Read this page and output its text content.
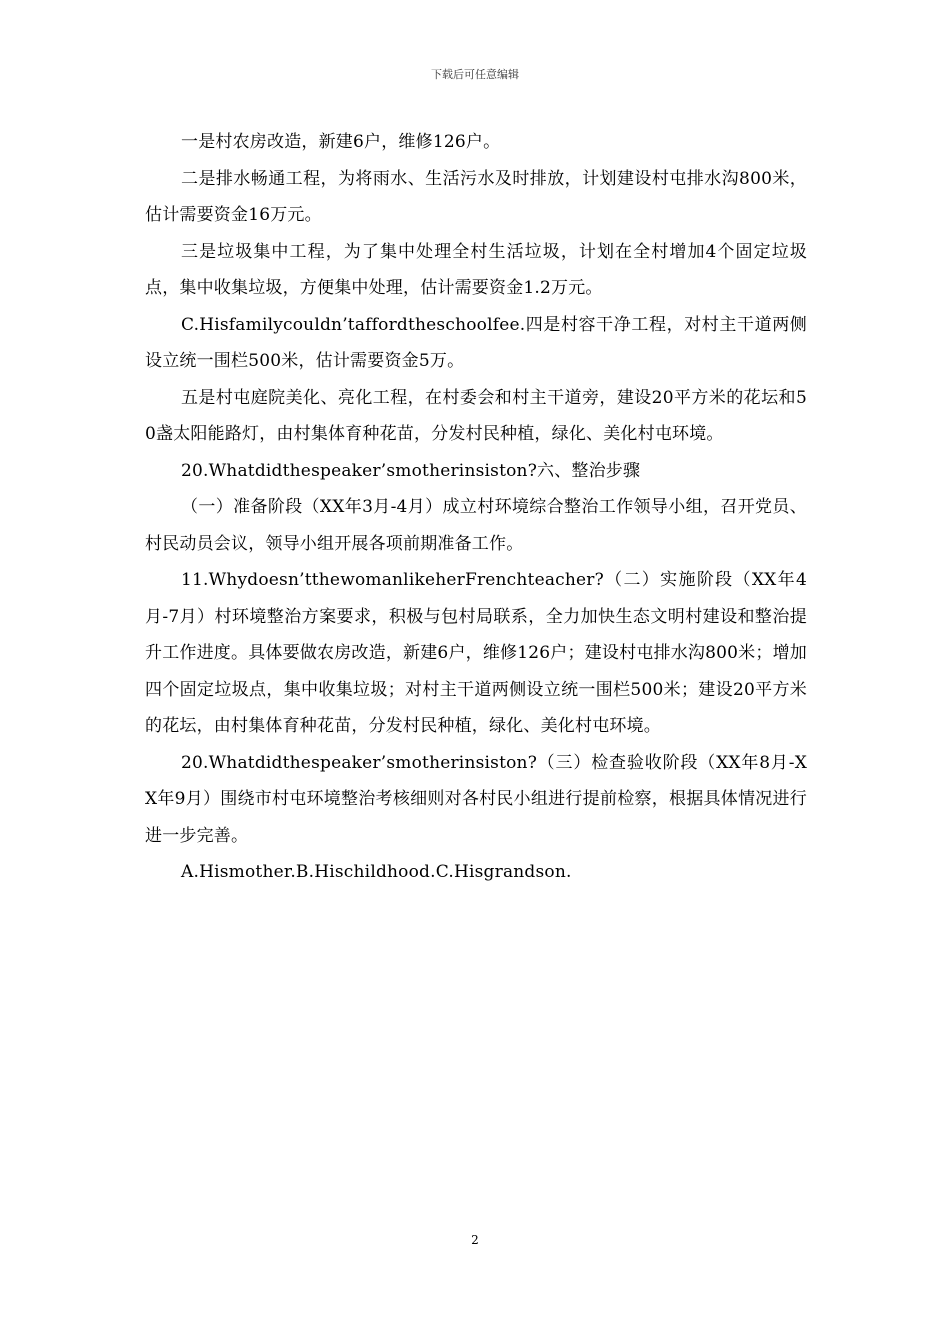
下载后可任意编辑

一是村农房改造，新建6户，维修126户。

二是排水畅通工程，为将雨水、生活污水及时排放，计划建设村屯排水沟800米，估计需要资金16万元。

三是垃圾集中工程，为了集中处理全村生活垃圾，计划在全村增加4个固定垃圾点，集中收集垃圾，方便集中处理，估计需要资金1.2万元。

C.Hisfamilycouldn’taffordtheschoolfee.四是村容干净工程，对村主干道两侧设立统一围栏500米，估计需要资金5万。

五是村屯庭院美化、亮化工程，在村委会和村主干道旁，建设20平方米的花坛和50盏太阳能路灯，由村集体育种花苗，分发村民种植，绿化、美化村屯环境。

20.Whatdidthespeaker’smotherinsiston?六、整治步骤

（一）准备阶段（XX年3月-4月）成立村环境综合整治工作领导小组，召开党员、村民动员会议，领导小组开展各项前期准备工作。

11.Whydoesn’tthewomanlikeherFrenchteacher?（二）实施阶段（XX年4月-7月）村环境整治方案要求，积极与包村局联系，全力加快生态文明村建设和整治提升工作进度。具体要做农房改造，新建6户，维修126户；建设村屯排水沟800米；增加四个固定垃圾点，集中收集垃圾；对村主干道两侧设立统一围栏500米；建设20平方米的花坛，由村集体育种花苗，分发村民种植，绿化、美化村屯环境。

20.Whatdidthespeaker’smotherinsiston?（三）检查验收阶段（XX年8月-XX年9月）围绕市村屯环境整治考核细则对各村民小组进行提前检察，根据具体情况进行进一步完善。

A.Hismother.B.Hischildhood.C.Hisgrandson.

2
